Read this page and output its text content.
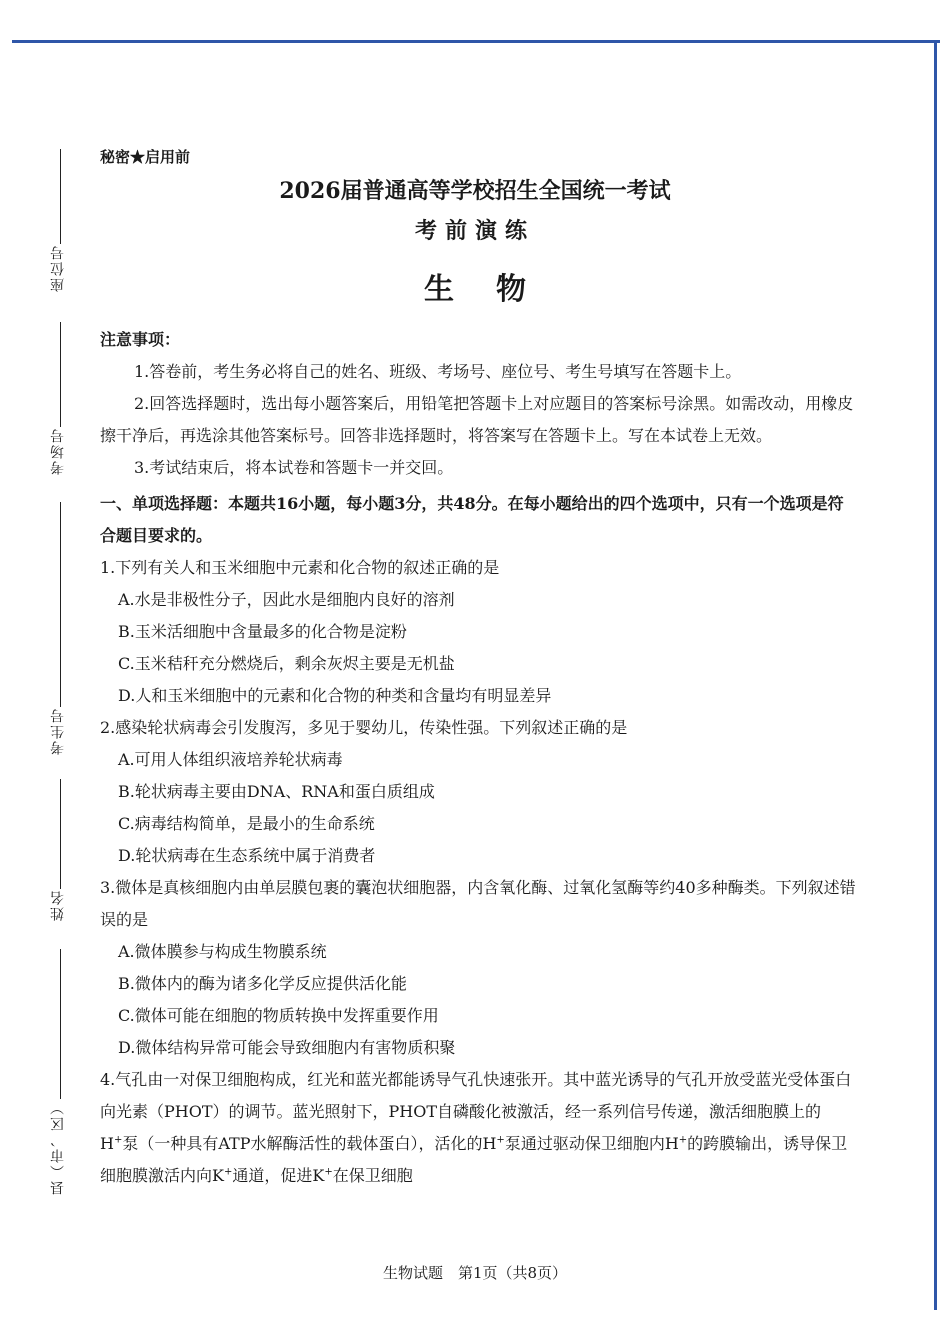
座位号
考场号
考生号
姓名
县（市、区）
秘密★启用前
2026届普通高等学校招生全国统一考试
考前演练
生物

注意事项：

1.答卷前，考生务必将自己的姓名、班级、考场号、座位号、考生号填写在答题卡上。

2.回答选择题时，选出每小题答案后，用铅笔把答题卡上对应题目的答案标号涂黑。如需改动，用橡皮擦干净后，再选涂其他答案标号。回答非选择题时，将答案写在答题卡上。写在本试卷上无效。

3.考试结束后，将本试卷和答题卡一并交回。

一、单项选择题：本题共16小题，每小题3分，共48分。在每小题给出的四个选项中，只有一个选项是符合题目要求的。

1.下列有关人和玉米细胞中元素和化合物的叙述正确的是

A.水是非极性分子，因此水是细胞内良好的溶剂

B.玉米活细胞中含量最多的化合物是淀粉

C.玉米秸秆充分燃烧后，剩余灰烬主要是无机盐

D.人和玉米细胞中的元素和化合物的种类和含量均有明显差异

2.感染轮状病毒会引发腹泻，多见于婴幼儿，传染性强。下列叙述正确的是

A.可用人体组织液培养轮状病毒

B.轮状病毒主要由DNA、RNA和蛋白质组成

C.病毒结构简单，是最小的生命系统

D.轮状病毒在生态系统中属于消费者

3.微体是真核细胞内由单层膜包裹的囊泡状细胞器，内含氧化酶、过氧化氢酶等约40多种酶类。下列叙述错误的是

A.微体膜参与构成生物膜系统

B.微体内的酶为诸多化学反应提供活化能

C.微体可能在细胞的物质转换中发挥重要作用

D.微体结构异常可能会导致细胞内有害物质积聚

4.气孔由一对保卫细胞构成，红光和蓝光都能诱导气孔快速张开。其中蓝光诱导的气孔开放受蓝光受体蛋白向光素（PHOT）的调节。蓝光照射下，PHOT自磷酸化被激活，经一系列信号传递，激活细胞膜上的H+泵（一种具有ATP水解酶活性的载体蛋白），活化的H+泵通过驱动保卫细胞内H+的跨膜输出，诱导保卫细胞膜激活内向K+通道，促进K+在保卫细胞

生物试题　第1页（共8页）
